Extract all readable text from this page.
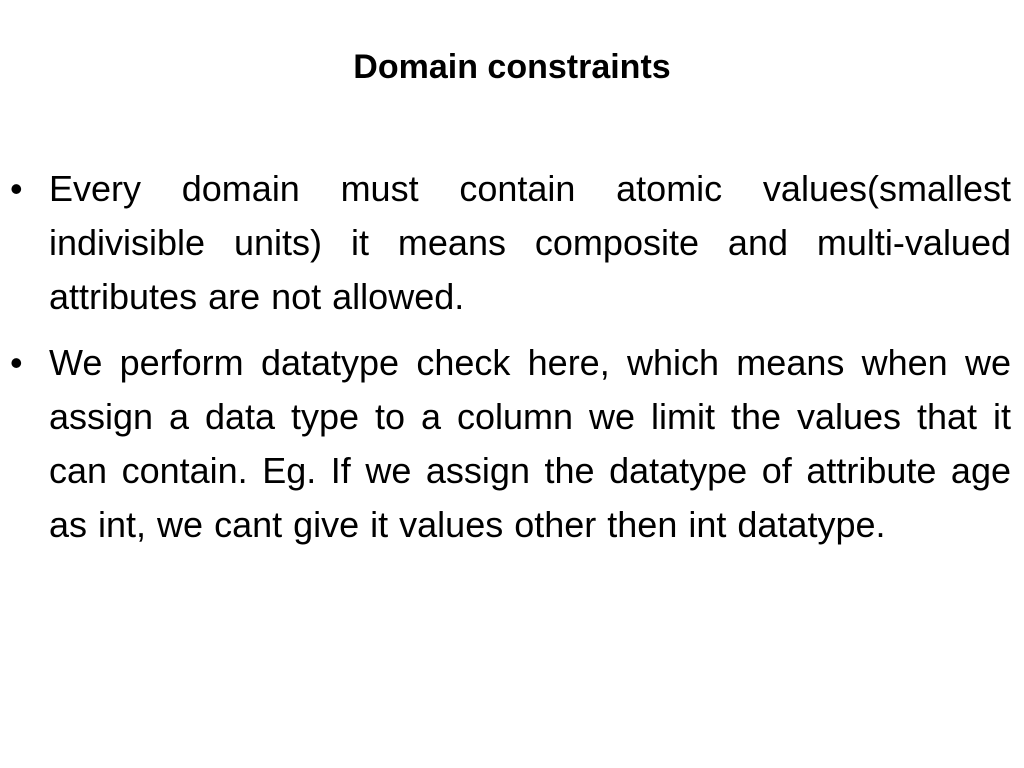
Domain constraints
• Every domain must contain atomic values(smallest indivisible units) it means composite and multi-valued attributes are not allowed.
• We perform datatype check here, which means when we assign a data type to a column we limit the values that it can contain. Eg. If we assign the datatype of attribute age as int, we cant give it values other then int datatype.
